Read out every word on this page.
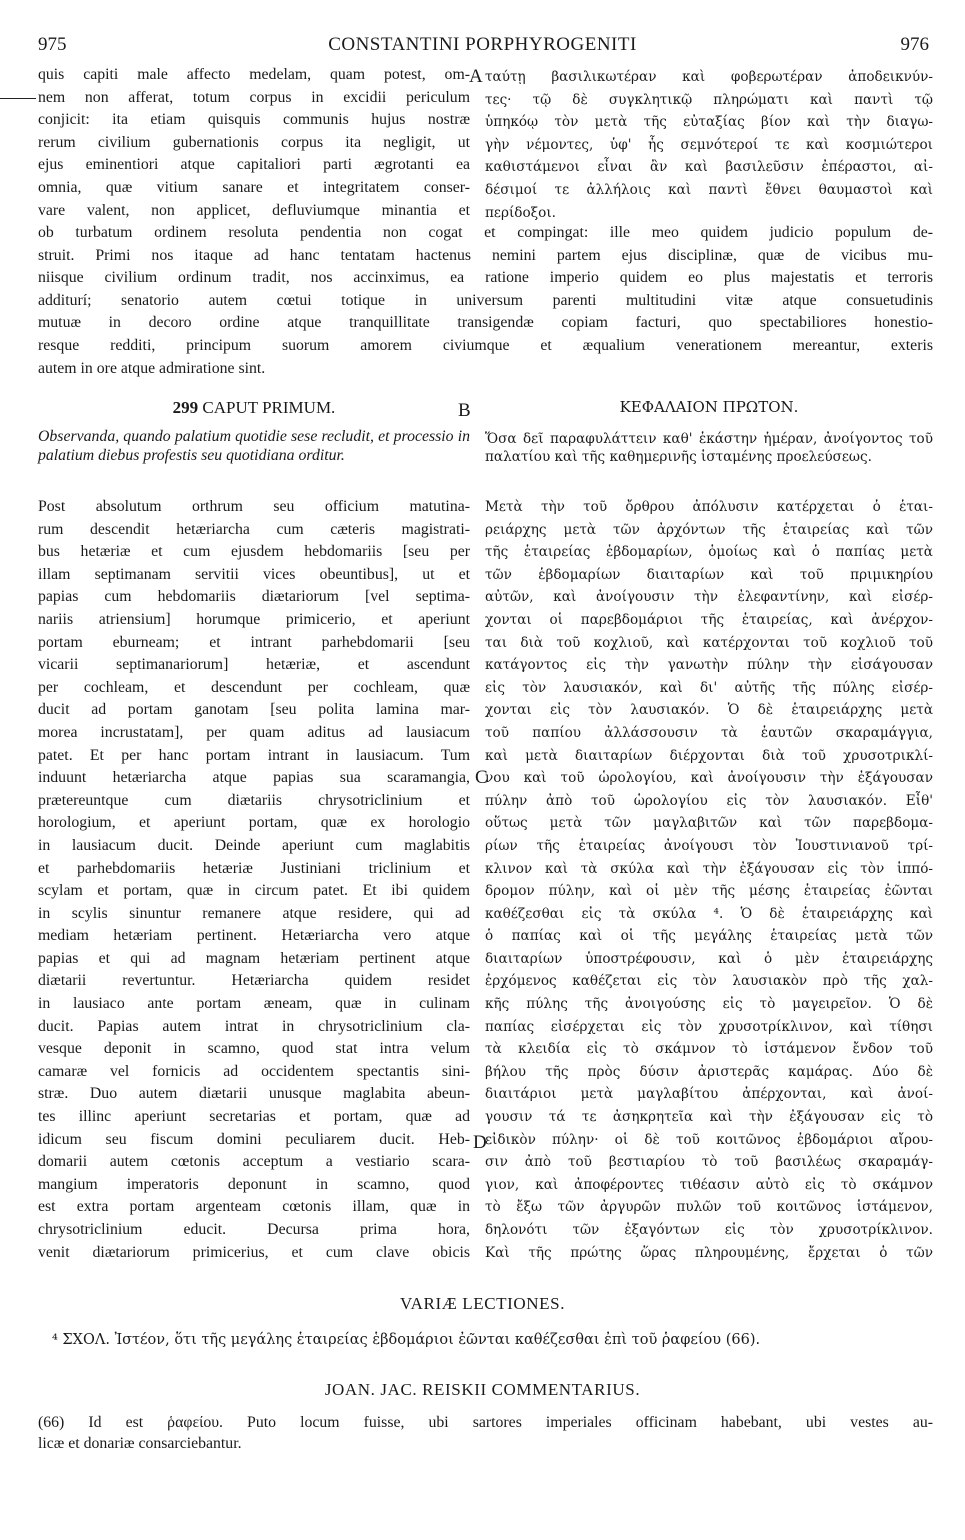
975	CONSTANTINI PORPHYROGENITI	976
quis capiti male affecto medelam, quam potest, om-
nem non afferat, totum corpus in excidii periculum
conjicit: ita etiam quisquis communis hujus nostræ
rerum civilium gubernationis corpus ita negligit, ut
ejus eminentiori atque capitaliori parti ægrotanti ea
omnia, quæ vitium sanare et integritatem conser-
vare valent, non applicet, defluviumque minantia et
A ταύτῃ βασιλικωτέραν καὶ φοβερωτέραν ἀποδεικνύν-
τες· τῷ δὲ συγκλητικῷ πληρώματι καὶ παντὶ τῷ
ὑπηκόῳ τὸν μετὰ τῆς εὐταξίας βίον καὶ τὴν διαγω-
γὴν νέμοντες, ὑφ' ἧς σεμνότεροί τε καὶ κοσμιώτεροι
καθιστάμενοι εἶναι ἂν καὶ βασιλεῦσιν ἐπέραστοι, αἰ-
δέσιμοί τε ἀλλήλοις καὶ παντὶ ἔθνει θαυμαστοὶ καὶ
περίδοξοι.
ob turbatum ordinem resoluta pendentia non cogat et compingat: ille meo quidem judicio populum de-
struit. Primi nos itaque ad hanc tentatam hactenus nemini partem ejus disciplinæ, quæ de vicibus mu-
niisque civilium ordinum tradit, nos accinximus, ea ratione imperio quidem eo plus majestatis et terroris
additurí; senatorio autem cœtui totique in universum parenti multitudini vitæ atque consuetudinis
mutuæ in decoro ordine atque tranquillitate transigendæ copiam facturi, quo spectabiliores honestio-
resque redditi, principum suorum amorem civiumque et æqualium venerationem mereantur, exteris
autem in ore atque admiratione sint.
299 CAPUT PRIMUM.	B	ΚΕΦΑΛΑΙΟΝ ΠΡΩΤΟΝ.
Observanda, quando palatium quotidie sese recludit, et processio in palatium diebus profestis seu quotidiana orditur.
Ὅσα δεῖ παραφυλάττειν καθ' ἑκάστην ἡμέραν, ἀνοίγοντος τοῦ παλατίου καὶ τῆς καθημερινῆς ἱσταμένης προελεύσεως.
Post absolutum orthrum seu officium matutina-
rum descendit hetæriarcha cum cæteris magistrati-
bus hetæriæ et cum ejusdem hebdomariis [seu per
illam septimanam servitii vices obeuntibus], ut et
papias cum hebdomariis diætariorum [vel septima-
nariis atriensium] horumque primicerio, et aperiunt
portam eburneam; et intrant parhebdomarii [seu
vicarii septimanariorum] hetæriæ, et ascendunt
per cochleam, et descendunt per cochleam, quæ
ducit ad portam ganotam [seu polita lamina mar-
morea incrustatam], per quam aditus ad lausiacum
patet. Et per hanc portam intrant in lausiacum. Tum
induunt hetæriarcha atque papias sua scaramangia,
prætereuntque cum diætariis chrysotriclinium et
horologium, et aperiunt portam, quæ ex horologio
in lausiacum ducit. Deinde aperiunt cum maglabitis
et parhebdomariis hetæriæ Justiniani triclinium et
scylam et portam, quæ in circum patet. Et ibi quidem
in scylis sinuntur remanere atque residere, qui ad
mediam hetæriam pertinent. Hetæriarcha vero atque
papias et qui ad magnam hetæriam pertinent atque
diætarii revertuntur. Hetæriarcha quidem residet
in lausiaco ante portam æneam, quæ in culinam
ducit. Papias autem intrat in chrysotriclinium cla-
vesque deponit in scamno, quod stat intra velum
camaræ vel fornicis ad occidentem spectantis sini-
stræ. Duo autem diætarii unusque maglabita abeun-
tes illinc aperiunt secretarias et portam, quæ ad
idicum seu fiscum domini peculiarem ducit. Heb-
domarii autem cœtonis acceptum a vestiario scara-
mangium imperatoris deponunt in scamno, quod
est extra portam argenteam cœtonis illam, quæ in
chrysotriclinium educit. Decursa prima hora,
venit diætariorum primicerius, et cum clave obicis
Μετὰ τὴν τοῦ ὄρθρου ἀπόλυσιν κατέρχεται ὁ ἑται-
ρειάρχης μετὰ τῶν ἀρχόντων τῆς ἑταιρείας καὶ τῶν
τῆς ἑταιρείας ἑβδομαρίων, ὁμοίως καὶ ὁ παπίας μετὰ
τῶν ἑβδομαρίων διαιταρίων καὶ τοῦ πριμικηρίου
αὐτῶν, καὶ ἀνοίγουσιν τὴν ἐλεφαντίνην, καὶ εἰσέρ-
χονται οἱ παρεβδομάριοι τῆς ἑταιρείας, καὶ ἀνέρχον-
ται διὰ τοῦ κοχλιοῦ, καὶ κατέρχονται τοῦ κοχλιοῦ τοῦ
κατάγοντος εἰς τὴν γανωτὴν πύλην τὴν εἰσάγουσαν
εἰς τὸν λαυσιακόν, καὶ δι' αὐτῆς τῆς πύλης εἰσέρ-
χονται εἰς τὸν λαυσιακόν. Ὁ δὲ ἑταιρειάρχης μετὰ
τοῦ παπίου ἀλλάσσουσιν τὰ ἑαυτῶν σκαραμάγγια,
καὶ μετὰ διαιταρίων διέρχονται διὰ τοῦ χρυσοτρικλί-
νου καὶ τοῦ ὡρολογίου, καὶ ἀνοίγουσιν τὴν ἐξάγουσαν
πύλην ἀπὸ τοῦ ὡρολογίου εἰς τὸν λαυσιακόν. Εἶθ'
οὕτως μετὰ τῶν μαγλαβιτῶν καὶ τῶν παρεβδομα-
ρίων τῆς ἑταιρείας ἀνοίγουσι τὸν Ἰουστινιανοῦ τρί-
κλινον καὶ τὰ σκύλα καὶ τὴν ἐξάγουσαν εἰς τὸν ἱππό-
δρομον πύλην, καὶ οἱ μὲν τῆς μέσης ἑταιρείας ἐῶνται
καθέζεσθαι εἰς τὰ σκύλα ⁴. Ὁ δὲ ἑταιρειάρχης καὶ
ὁ παπίας καὶ οἱ τῆς μεγάλης ἑταιρείας μετὰ τῶν
διαιταρίων ὑποστρέφουσιν, καὶ ὁ μὲν ἑταιρειάρχης
ἐρχόμενος καθέζεται εἰς τὸν λαυσιακὸν πρὸ τῆς χαλ-
κῆς πύλης τῆς ἀνοιγούσης εἰς τὸ μαγειρεῖον. Ὁ δὲ
παπίας εἰσέρχεται εἰς τὸν χρυσοτρίκλινον, καὶ τίθησι
τὰ κλειδία εἰς τὸ σκάμνον τὸ ἱστάμενον ἔνδον τοῦ
βήλου τῆς πρὸς δύσιν ἀριστερᾶς καμάρας. Δύο δὲ
διαιτάριοι μετὰ μαγλαβίτου ἀπέρχονται, καὶ ἀνοί-
γουσιν τά τε ἀσηκρητεῖα καὶ τὴν ἐξάγουσαν εἰς τὸ
εἰδικὸν πύλην· οἱ δὲ τοῦ κοιτῶνος ἑβδομάριοι αἴρου-
σιν ἀπὸ τοῦ βεστιαρίου τὸ τοῦ βασιλέως σκαραμάγ-
γιον, καὶ ἀποφέροντες τιθέασιν αὐτὸ εἰς τὸ σκάμνον
τὸ ἔξω τῶν ἀργυρῶν πυλῶν τοῦ κοιτῶνος ἱστάμενον,
δηλονότι τῶν ἐξαγόντων εἰς τὸν χρυσοτρίκλινον.
Καὶ τῆς πρώτης ὥρας πληρουμένης, ἔρχεται ὁ τῶν
C
D
VARIÆ LECTIONES.
⁴ ΣΧΟΛ. Ἰστέον, ὅτι τῆς μεγάλης ἑταιρείας ἑβδομάριοι ἐῶνται καθέζεσθαι ἐπὶ τοῦ ῥαφείου (66).
JOAN. JAC. REISKII COMMENTARIUS.
(66) Id est ῥαφείου. Puto locum fuisse, ubi sartores imperiales officinam habebant, ubi vestes au-
licæ et donariæ consarciebantur.
